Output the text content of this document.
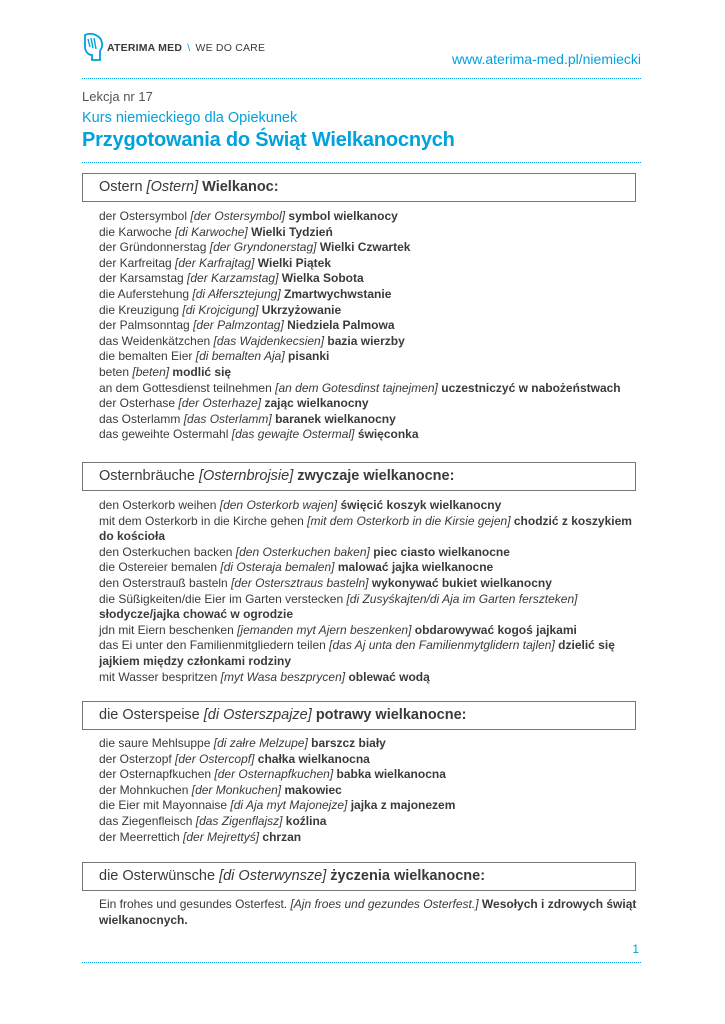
ATERIMA MED \ WE DO CARE
www.aterima-med.pl/niemiecki
Lekcja nr 17
Kurs niemieckiego dla Opiekunek
Przygotowania do Świąt Wielkanocnych
Ostern [Ostern] Wielkanoc:
der Ostersymbol [der Ostersymbol] symbol wielkanocy
die Karwoche [di Karwoche] Wielki Tydzień
der Gründonnerstag [der Gryndonerstag] Wielki Czwartek
der Karfreitag [der Karfrajtag] Wielki Piątek
der Karsamstag [der Karzamstag] Wielka Sobota
die Auferstehung [di Ałfersztejung] Zmartwychwstanie
die Kreuzigung [di Krojcigung] Ukrzyżowanie
der Palmsonntag [der Palmzontag] Niedziela Palmowa
das Weidenkätzchen [das Wajdenkecsien] bazia wierzby
die bemalten Eier [di bemalten Aja] pisanki
beten [beten] modlić się
an dem Gottesdienst teilnehmen [an dem Gotesdinst tajnejmen] uczestniczyć w nabożeństwach
der Osterhase [der Osterhaze] zając wielkanocny
das Osterlamm [das Osterlamm] baranek wielkanocny
das geweihte Ostermahl [das gewajte Ostermal] święconka
Osternbräuche [Osternbrojsie] zwyczaje wielkanocne:
den Osterkorb weihen [den Osterkorb wajen] święcić koszyk wielkanocny
mit dem Osterkorb in die Kirche gehen [mit dem Osterkorb in die Kirsie gejen] chodzić z koszykiem do kościoła
den Osterkuchen backen [den Osterkuchen baken] piec ciasto wielkanocne
die Ostereier bemalen [di Osteraja bemalen] malować jajka wielkanocne
den Osterstrauß basteln [der Ostersztraus basteln] wykonywać bukiet wielkanocny
die Süßigkeiten/die Eier im Garten verstecken [di Zusyśkajten/di Aja im Garten ferszteken] słodycze/jajka chować w ogrodzie
jdn mit Eiern beschenken [jemanden myt Ajern beszenken] obdarowywać kogoś jajkami
das Ei unter den Familienmitgliedern teilen [das Aj unta den Familienmytglidern tajlen] dzielić się jajkiem między członkami rodziny
mit Wasser bespritzen [myt Wasa beszprycen] oblewać wodą
die Osterspeise [di Osterszpajze] potrawy wielkanocne:
die saure Mehlsuppe [di załre Melzupe] barszcz biały
der Osterzopf [der Ostercopf] chałka wielkanocna
der Osternapfkuchen [der Osternapfkuchen] babka wielkanocna
der Mohnkuchen [der Monkuchen] makowiec
die Eier mit Mayonnaise [di Aja myt Majonejze] jajka z majonezem
das Ziegenfleisch [das Zigenflajsz] koźlina
der Meerrettich [der Mejrettyś] chrzan
die Osterwünsche [di Osterwynsze] życzenia wielkanocne:
Ein frohes und gesundes Osterfest. [Ajn froes und gezundes Osterfest.] Wesołych i zdrowych świąt wielkanocnych.
1
